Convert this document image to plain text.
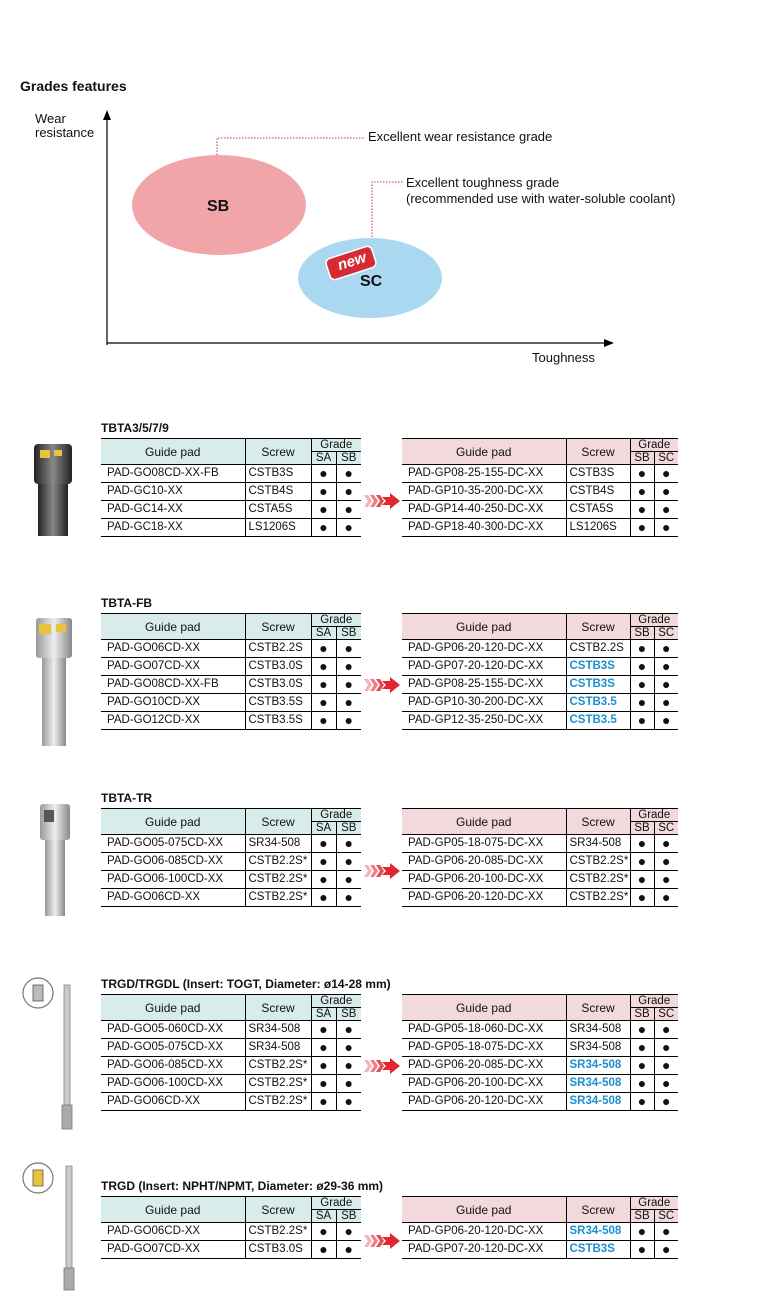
Grades features
Wear
resistance
Toughness
SB
SC
new
Excellent wear resistance grade
Excellent toughness grade
(recommended use with water-soluble coolant)
TBTA3/5/7/9
Guide pad	Screw	Grade	
		SA	SB
PAD-GO08CD-XX-FB	CSTB3S	●	●
PAD-GC10-XX	CSTB4S	●	●
PAD-GC14-XX	CSTA5S	●	●
PAD-GC18-XX	LS1206S	●	●
Guide pad	Screw	Grade	
		SB	SC
PAD-GP08-25-155-DC-XX	CSTB3S	●	●
PAD-GP10-35-200-DC-XX	CSTB4S	●	●
PAD-GP14-40-250-DC-XX	CSTA5S	●	●
PAD-GP18-40-300-DC-XX	LS1206S	●	●
TBTA-FB
Guide pad	Screw	Grade	
		SA	SB
PAD-GO06CD-XX	CSTB2.2S	●	●
PAD-GO07CD-XX	CSTB3.0S	●	●
PAD-GO08CD-XX-FB	CSTB3.0S	●	●
PAD-GO10CD-XX	CSTB3.5S	●	●
PAD-GO12CD-XX	CSTB3.5S	●	●
Guide pad	Screw	Grade	
		SB	SC
PAD-GP06-20-120-DC-XX	CSTB2.2S	●	●
PAD-GP07-20-120-DC-XX	CSTB3S	●	●
PAD-GP08-25-155-DC-XX	CSTB3S	●	●
PAD-GP10-30-200-DC-XX	CSTB3.5	●	●
PAD-GP12-35-250-DC-XX	CSTB3.5	●	●
TBTA-TR
Guide pad	Screw	Grade	
		SA	SB
PAD-GO05-075CD-XX	SR34-508	●	●
PAD-GO06-085CD-XX	CSTB2.2S*	●	●
PAD-GO06-100CD-XX	CSTB2.2S*	●	●
PAD-GO06CD-XX	CSTB2.2S*	●	●
Guide pad	Screw	Grade	
		SB	SC
PAD-GP05-18-075-DC-XX	SR34-508	●	●
PAD-GP06-20-085-DC-XX	CSTB2.2S*	●	●
PAD-GP06-20-100-DC-XX	CSTB2.2S*	●	●
PAD-GP06-20-120-DC-XX	CSTB2.2S*	●	●
TRGD/TRGDL (Insert: TOGT, Diameter: ø14-28 mm)
Guide pad	Screw	Grade	
		SA	SB
PAD-GO05-060CD-XX	SR34-508	●	●
PAD-GO05-075CD-XX	SR34-508	●	●
PAD-GO06-085CD-XX	CSTB2.2S*	●	●
PAD-GO06-100CD-XX	CSTB2.2S*	●	●
PAD-GO06CD-XX	CSTB2.2S*	●	●
Guide pad	Screw	Grade	
		SB	SC
PAD-GP05-18-060-DC-XX	SR34-508	●	●
PAD-GP05-18-075-DC-XX	SR34-508	●	●
PAD-GP06-20-085-DC-XX	SR34-508	●	●
PAD-GP06-20-100-DC-XX	SR34-508	●	●
PAD-GP06-20-120-DC-XX	SR34-508	●	●
TRGD (Insert: NPHT/NPMT, Diameter: ø29-36 mm)
Guide pad	Screw	Grade	
		SA	SB
PAD-GO06CD-XX	CSTB2.2S*	●	●
PAD-GO07CD-XX	CSTB3.0S	●	●
Guide pad	Screw	Grade	
		SB	SC
PAD-GP06-20-120-DC-XX	SR34-508	●	●
PAD-GP07-20-120-DC-XX	CSTB3S	●	●
